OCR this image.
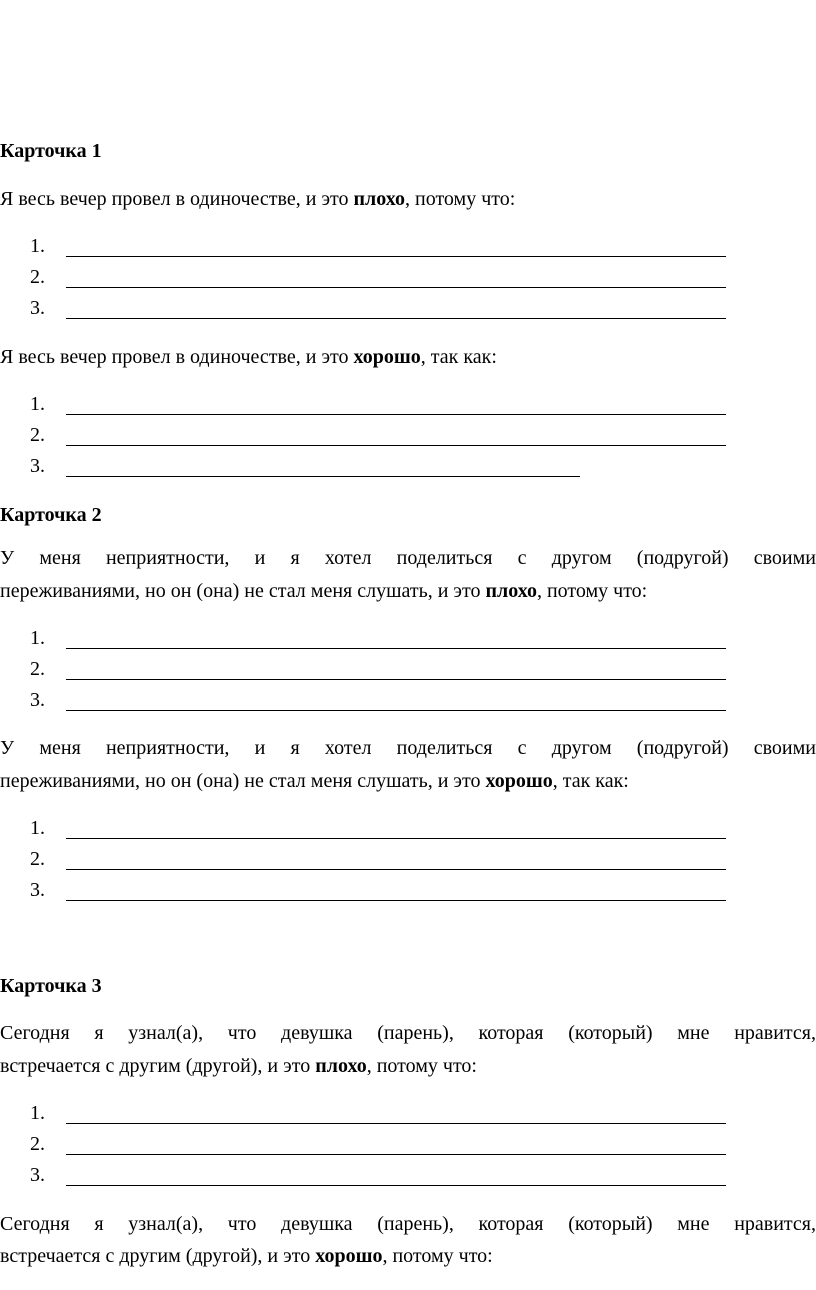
Карточка 1
Я весь вечер провел в одиночестве, и это плохо, потому что:
1.
2.
3.
Я весь вечер провел в одиночестве, и это хорошо, так как:
1.
2.
3.
Карточка 2
У меня неприятности, и я хотел поделиться с другом (подругой) своими
переживаниями, но он (она) не стал меня слушать, и это плохо, потому что:
1.
2.
3.
У меня неприятности, и я хотел поделиться с другом (подругой) своими
переживаниями, но он (она) не стал меня слушать, и это хорошо, так как:
1.
2.
3.
Карточка 3
Сегодня я узнал(а), что девушка (парень), которая (который) мне нравится,
встречается с другим (другой), и это плохо, потому что:
1.
2.
3.
Сегодня я узнал(а), что девушка (парень), которая (который) мне нравится,
встречается с другим (другой), и это хорошо, потому что:
